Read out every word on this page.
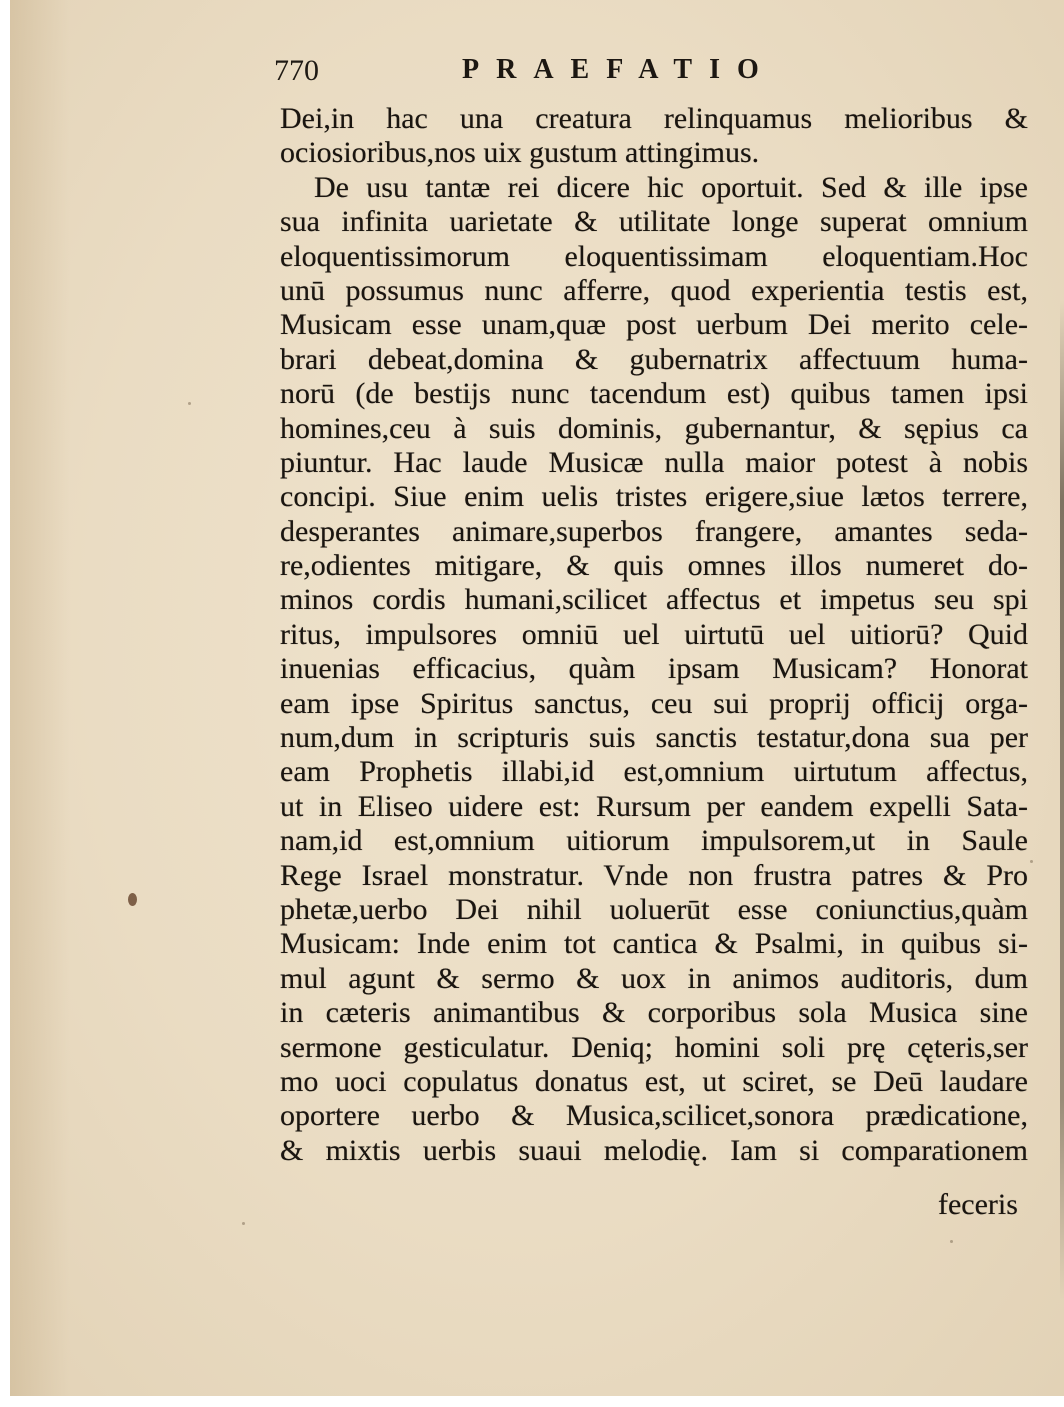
770	PRAEFATIO
Dei,in hac una creatura relinquamus melioribus &
ociosioribus,nos uix gustum attingimus.
De usu tantæ rei dicere hic oportuit. Sed & ille ipse
sua infinita uarietate & utilitate longe superat omnium
eloquentissimorum eloquentissimam eloquentiam.Hoc
unū possumus nunc afferre, quod experientia testis est,
Musicam esse unam,quæ post uerbum Dei merito cele-
brari debeat,domina & gubernatrix affectuum huma-
norū (de bestijs nunc tacendum est) quibus tamen ipsi
homines,ceu à suis dominis, gubernantur, & sępius ca
piuntur. Hac laude Musicæ nulla maior potest à nobis
concipi. Siue enim uelis tristes erigere,siue lætos terrere,
desperantes animare,superbos frangere, amantes seda-
re,odientes mitigare, & quis omnes illos numeret do-
minos cordis humani,scilicet affectus et impetus seu spi
ritus, impulsores omniū uel uirtutū uel uitiorū? Quid
inuenias efficacius, quàm ipsam Musicam? Honorat
eam ipse Spiritus sanctus, ceu sui proprij officij orga-
num,dum in scripturis suis sanctis testatur,dona sua per
eam Prophetis illabi,id est,omnium uirtutum affectus,
ut in Eliseo uidere est: Rursum per eandem expelli Sata-
nam,id est,omnium uitiorum impulsorem,ut in Saule
Rege Israel monstratur. Vnde non frustra patres & Pro
phetæ,uerbo Dei nihil uoluerūt esse coniunctius,quàm
Musicam: Inde enim tot cantica & Psalmi, in quibus si-
mul agunt & sermo & uox in animos auditoris, dum
in cæteris animantibus & corporibus sola Musica sine
sermone gesticulatur. Deniq; homini soli prę cęteris,ser
mo uoci copulatus donatus est, ut sciret, se Deū laudare
oportere uerbo & Musica,scilicet,sonora prædicatione,
& mixtis uerbis suaui melodię. Iam si comparationem
feceris
